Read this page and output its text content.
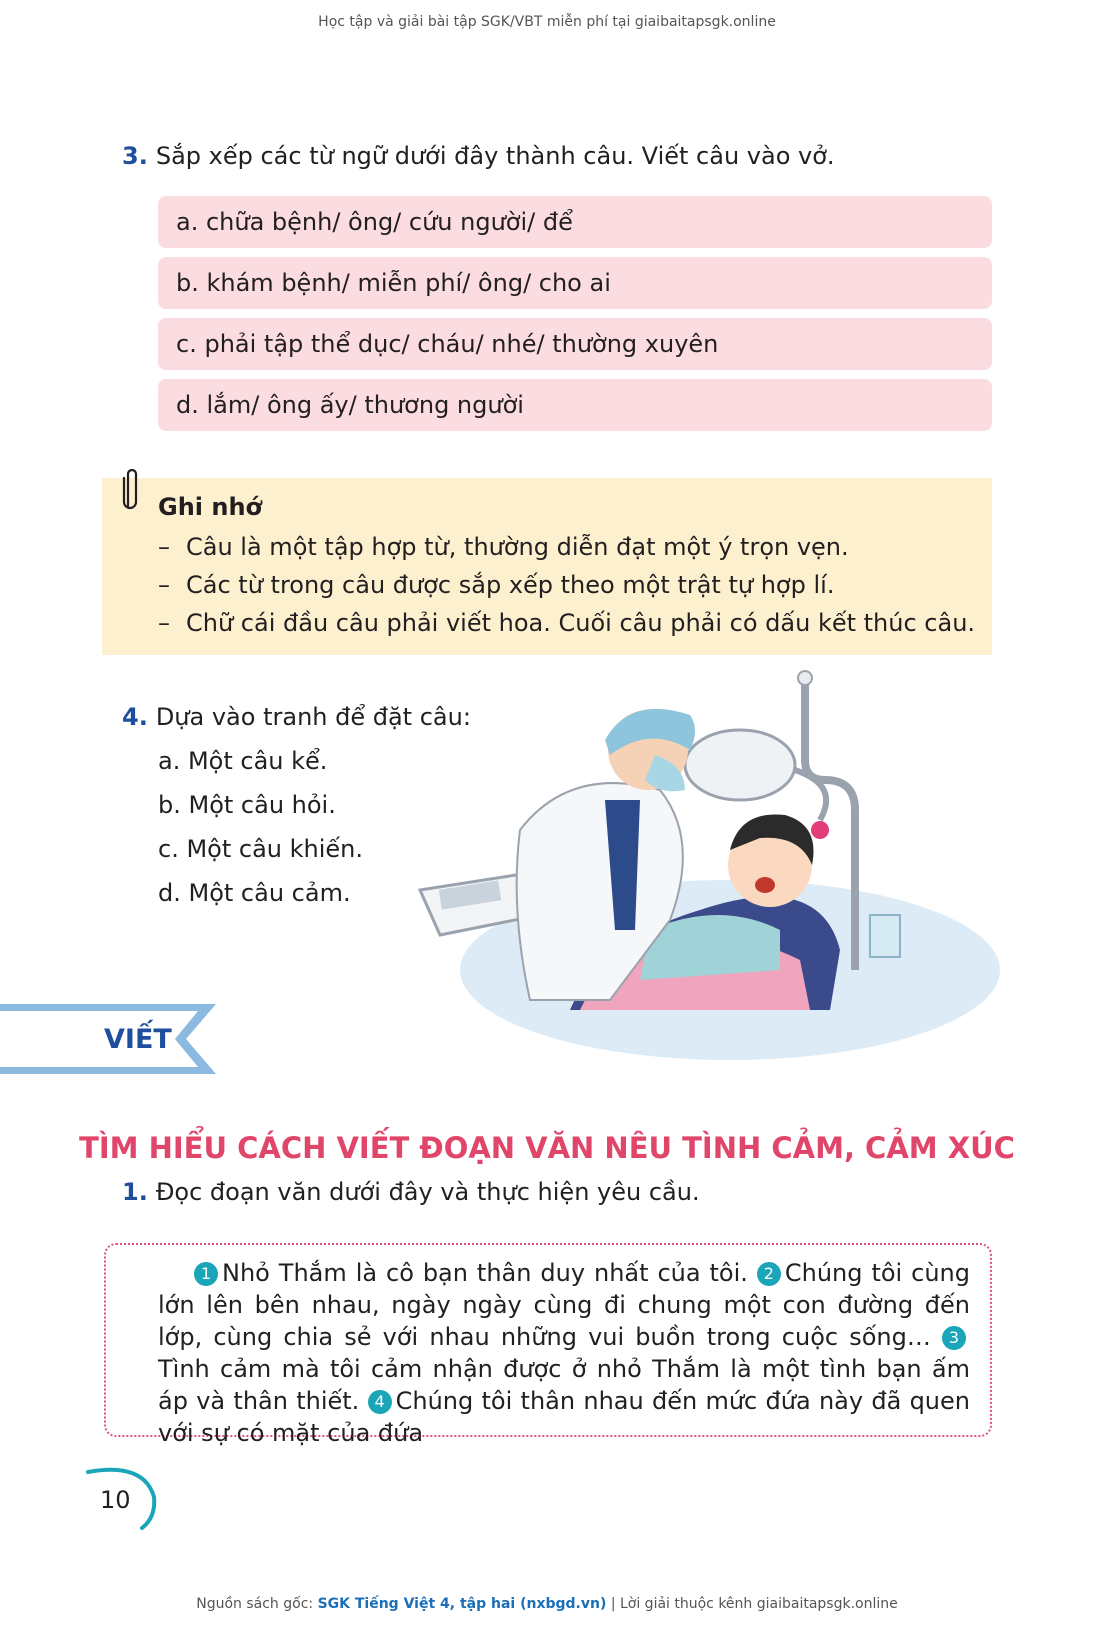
Học tập và giải bài tập SGK/VBT miễn phí tại giaibaitapsgk.online
3. Sắp xếp các từ ngữ dưới đây thành câu. Viết câu vào vở.
a. chữa bệnh/ ông/ cứu người/ để
b. khám bệnh/ miễn phí/ ông/ cho ai
c. phải tập thể dục/ cháu/ nhé/ thường xuyên
d. lắm/ ông ấy/ thương người
Ghi nhớ
– Câu là một tập hợp từ, thường diễn đạt một ý trọn vẹn.
– Các từ trong câu được sắp xếp theo một trật tự hợp lí.
– Chữ cái đầu câu phải viết hoa. Cuối câu phải có dấu kết thúc câu.
4. Dựa vào tranh để đặt câu:
a. Một câu kể.
b. Một câu hỏi.
c. Một câu khiến.
d. Một câu cảm.
VIẾT
TÌM HIỂU CÁCH VIẾT ĐOẠN VĂN NÊU TÌNH CẢM, CẢM XÚC
1. Đọc đoạn văn dưới đây và thực hiện yêu cầu.
1 Nhỏ Thắm là cô bạn thân duy nhất của tôi. 2 Chúng tôi cùng lớn lên bên nhau, ngày ngày cùng đi chung một con đường đến lớp, cùng chia sẻ với nhau những vui buồn trong cuộc sống… 3Tình cảm mà tôi cảm nhận được ở nhỏ Thắm là một tình bạn ấm áp và thân thiết. 4 Chúng tôi thân nhau đến mức đứa này đã quen với sự có mặt của đứa
10
Nguồn sách gốc: SGK Tiếng Việt 4, tập hai (nxbgd.vn) | Lời giải thuộc kênh giaibaitapsgk.online
